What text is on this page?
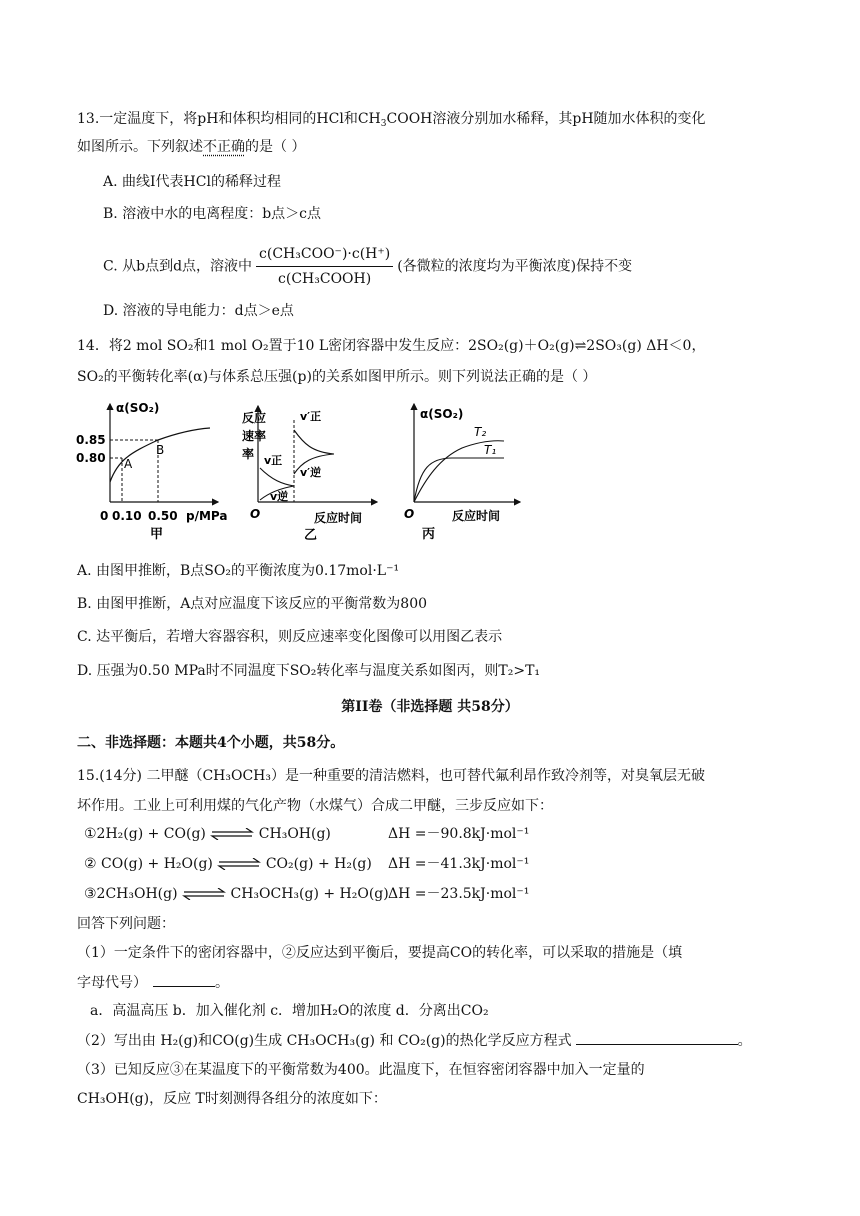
13.一定温度下，将pH和体积均相同的HCl和$CH_3COOH$溶液分别加水稀释，其pH随加水体积的变化
如图所示。下列叙述不正确的是（ ）
A. 曲线Ⅰ代表HCl的稀释过程
B. 溶液中水的电离程度：b点＞c点
C. 从b点到d点，溶液中 $\frac{\text{c(CH₃COO⁻)·c(H⁺)}}{\text{c(CH₃COOH)}}$ (各微粒的浓度均为平衡浓度)保持不变
D. 溶液的导电能力：d点＞e点
14．将2 mol SO₂和1 mol O₂置于10 L密闭容器中发生反应：2SO₂(g)＋O₂(g)⇌2SO₃(g) ΔH＜0，
SO₂的平衡转化率(α)与体系总压强(p)的关系如图甲所示。则下列说法正确的是（ ）
α(SO₂)
0.85
0.80 A
B
0 0.10 0.50 p/MPa
甲
反应
速率
率 v正
v逆
v′正
v′逆
O	反应时间
乙
α(SO₂)
T₂
T₁
O	反应时间
丙
A. 由图甲推断，B点SO₂的平衡浓度为0.17mol·L⁻¹
B. 由图甲推断，A点对应温度下该反应的平衡常数为800
C. 达平衡后，若增大容器容积，则反应速率变化图像可以用图乙表示
D. 压强为0.50 MPa时不同温度下SO₂转化率与温度关系如图丙，则T₂>T₁
第II卷（非选择题 共58分）
二、非选择题：本题共4个小题，共58分。
15.(14分) 二甲醚（CH₃OCH₃）是一种重要的清洁燃料，也可替代氟利昂作致冷剂等，对臭氧层无破
坏作用。工业上可利用煤的气化产物（水煤气）合成二甲醚，三步反应如下：
①2H₂(g) + CO(g) ⇌ CH₃OH(g)	ΔH =－90.8kJ·mol⁻¹
② CO(g) + H₂O(g) ⇌ CO₂(g) + H₂(g) ΔH =－41.3kJ·mol⁻¹
③2CH₃OH(g) ⇌ CH₃OCH₃(g) + H₂O(g) ΔH =－23.5kJ·mol⁻¹
回答下列问题：
（1）一定条件下的密闭容器中，②反应达到平衡后，要提高CO的转化率，可以采取的措施是（填
字母代号）	。
a．高温高压 b．加入催化剂 c．增加H₂O的浓度 d．分离出CO₂
（2）写出由 H₂(g)和CO(g)生成 CH₃OCH₃(g) 和 CO₂(g)的热化学反应方程式	。
（3）已知反应③在某温度下的平衡常数为400。此温度下，在恒容密闭容器中加入一定量的
CH₃OH(g)，反应 T时刻测得各组分的浓度如下：
